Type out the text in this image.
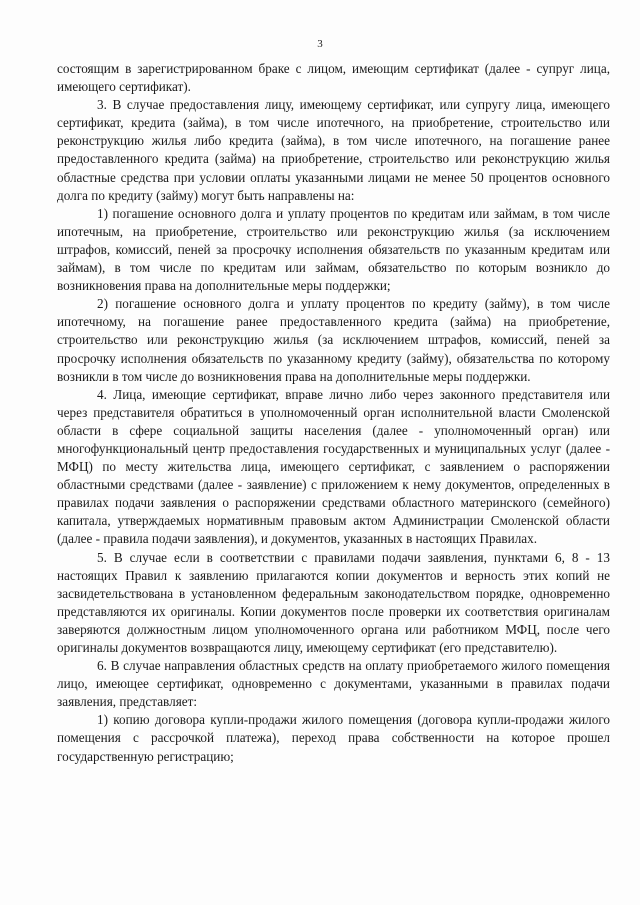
3

состоящим в зарегистрированном браке с лицом, имеющим сертификат (далее - супруг лица, имеющего сертификат).

3. В случае предоставления лицу, имеющему сертификат, или супругу лица, имеющего сертификат, кредита (займа), в том числе ипотечного, на приобретение, строительство или реконструкцию жилья либо кредита (займа), в том числе ипотечного, на погашение ранее предоставленного кредита (займа) на приобретение, строительство или реконструкцию жилья областные средства при условии оплаты указанными лицами не менее 50 процентов основного долга по кредиту (займу) могут быть направлены на:

1) погашение основного долга и уплату процентов по кредитам или займам, в том числе ипотечным, на приобретение, строительство или реконструкцию жилья (за исключением штрафов, комиссий, пеней за просрочку исполнения обязательств по указанным кредитам или займам), в том числе по кредитам или займам, обязательство по которым возникло до возникновения права на дополнительные меры поддержки;

2) погашение основного долга и уплату процентов по кредиту (займу), в том числе ипотечному, на погашение ранее предоставленного кредита (займа) на приобретение, строительство или реконструкцию жилья (за исключением штрафов, комиссий, пеней за просрочку исполнения обязательств по указанному кредиту (займу), обязательства по которому возникли в том числе до возникновения права на дополнительные меры поддержки.

4. Лица, имеющие сертификат, вправе лично либо через законного представителя или через представителя обратиться в уполномоченный орган исполнительной власти Смоленской области в сфере социальной защиты населения (далее - уполномоченный орган) или многофункциональный центр предоставления государственных и муниципальных услуг (далее - МФЦ) по месту жительства лица, имеющего сертификат, с заявлением о распоряжении областными средствами (далее - заявление) с приложением к нему документов, определенных в правилах подачи заявления о распоряжении средствами областного материнского (семейного) капитала, утверждаемых нормативным правовым актом Администрации Смоленской области (далее - правила подачи заявления), и документов, указанных в настоящих Правилах.

5. В случае если в соответствии с правилами подачи заявления, пунктами 6, 8 - 13 настоящих Правил к заявлению прилагаются копии документов и верность этих копий не засвидетельствована в установленном федеральным законодательством порядке, одновременно представляются их оригиналы. Копии документов после проверки их соответствия оригиналам заверяются должностным лицом уполномоченного органа или работником МФЦ, после чего оригиналы документов возвращаются лицу, имеющему сертификат (его представителю).

6. В случае направления областных средств на оплату приобретаемого жилого помещения лицо, имеющее сертификат, одновременно с документами, указанными в правилах подачи заявления, представляет:

1) копию договора купли-продажи жилого помещения (договора купли-продажи жилого помещения с рассрочкой платежа), переход права собственности на которое прошел государственную регистрацию;
